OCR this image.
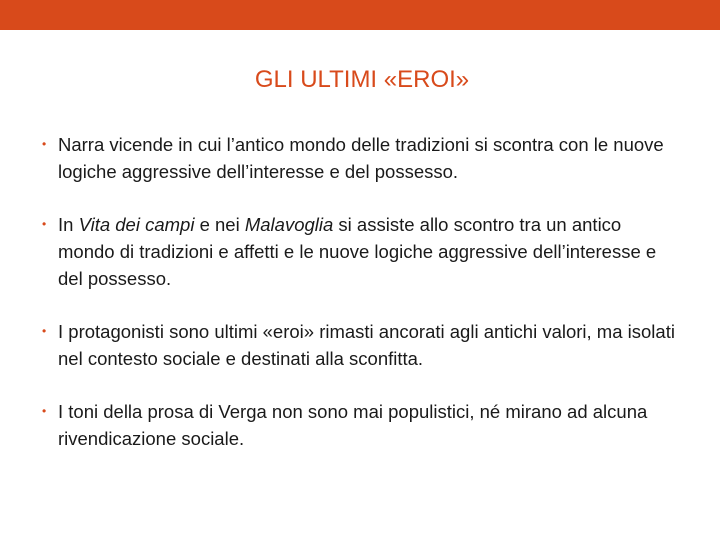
GLI ULTIMI «EROI»
• Narra vicende in cui l’antico mondo delle tradizioni si scontra con le nuove logiche aggressive dell’interesse e del possesso.
• In Vita dei campi e nei Malavoglia si assiste allo scontro tra un antico mondo di tradizioni e affetti e le nuove logiche aggressive dell’interesse e del possesso.
• I protagonisti sono ultimi «eroi» rimasti ancorati agli antichi valori, ma isolati nel contesto sociale e destinati alla sconfitta.
• I toni della prosa di Verga non sono mai populistici, né mirano ad alcuna rivendicazione sociale.
